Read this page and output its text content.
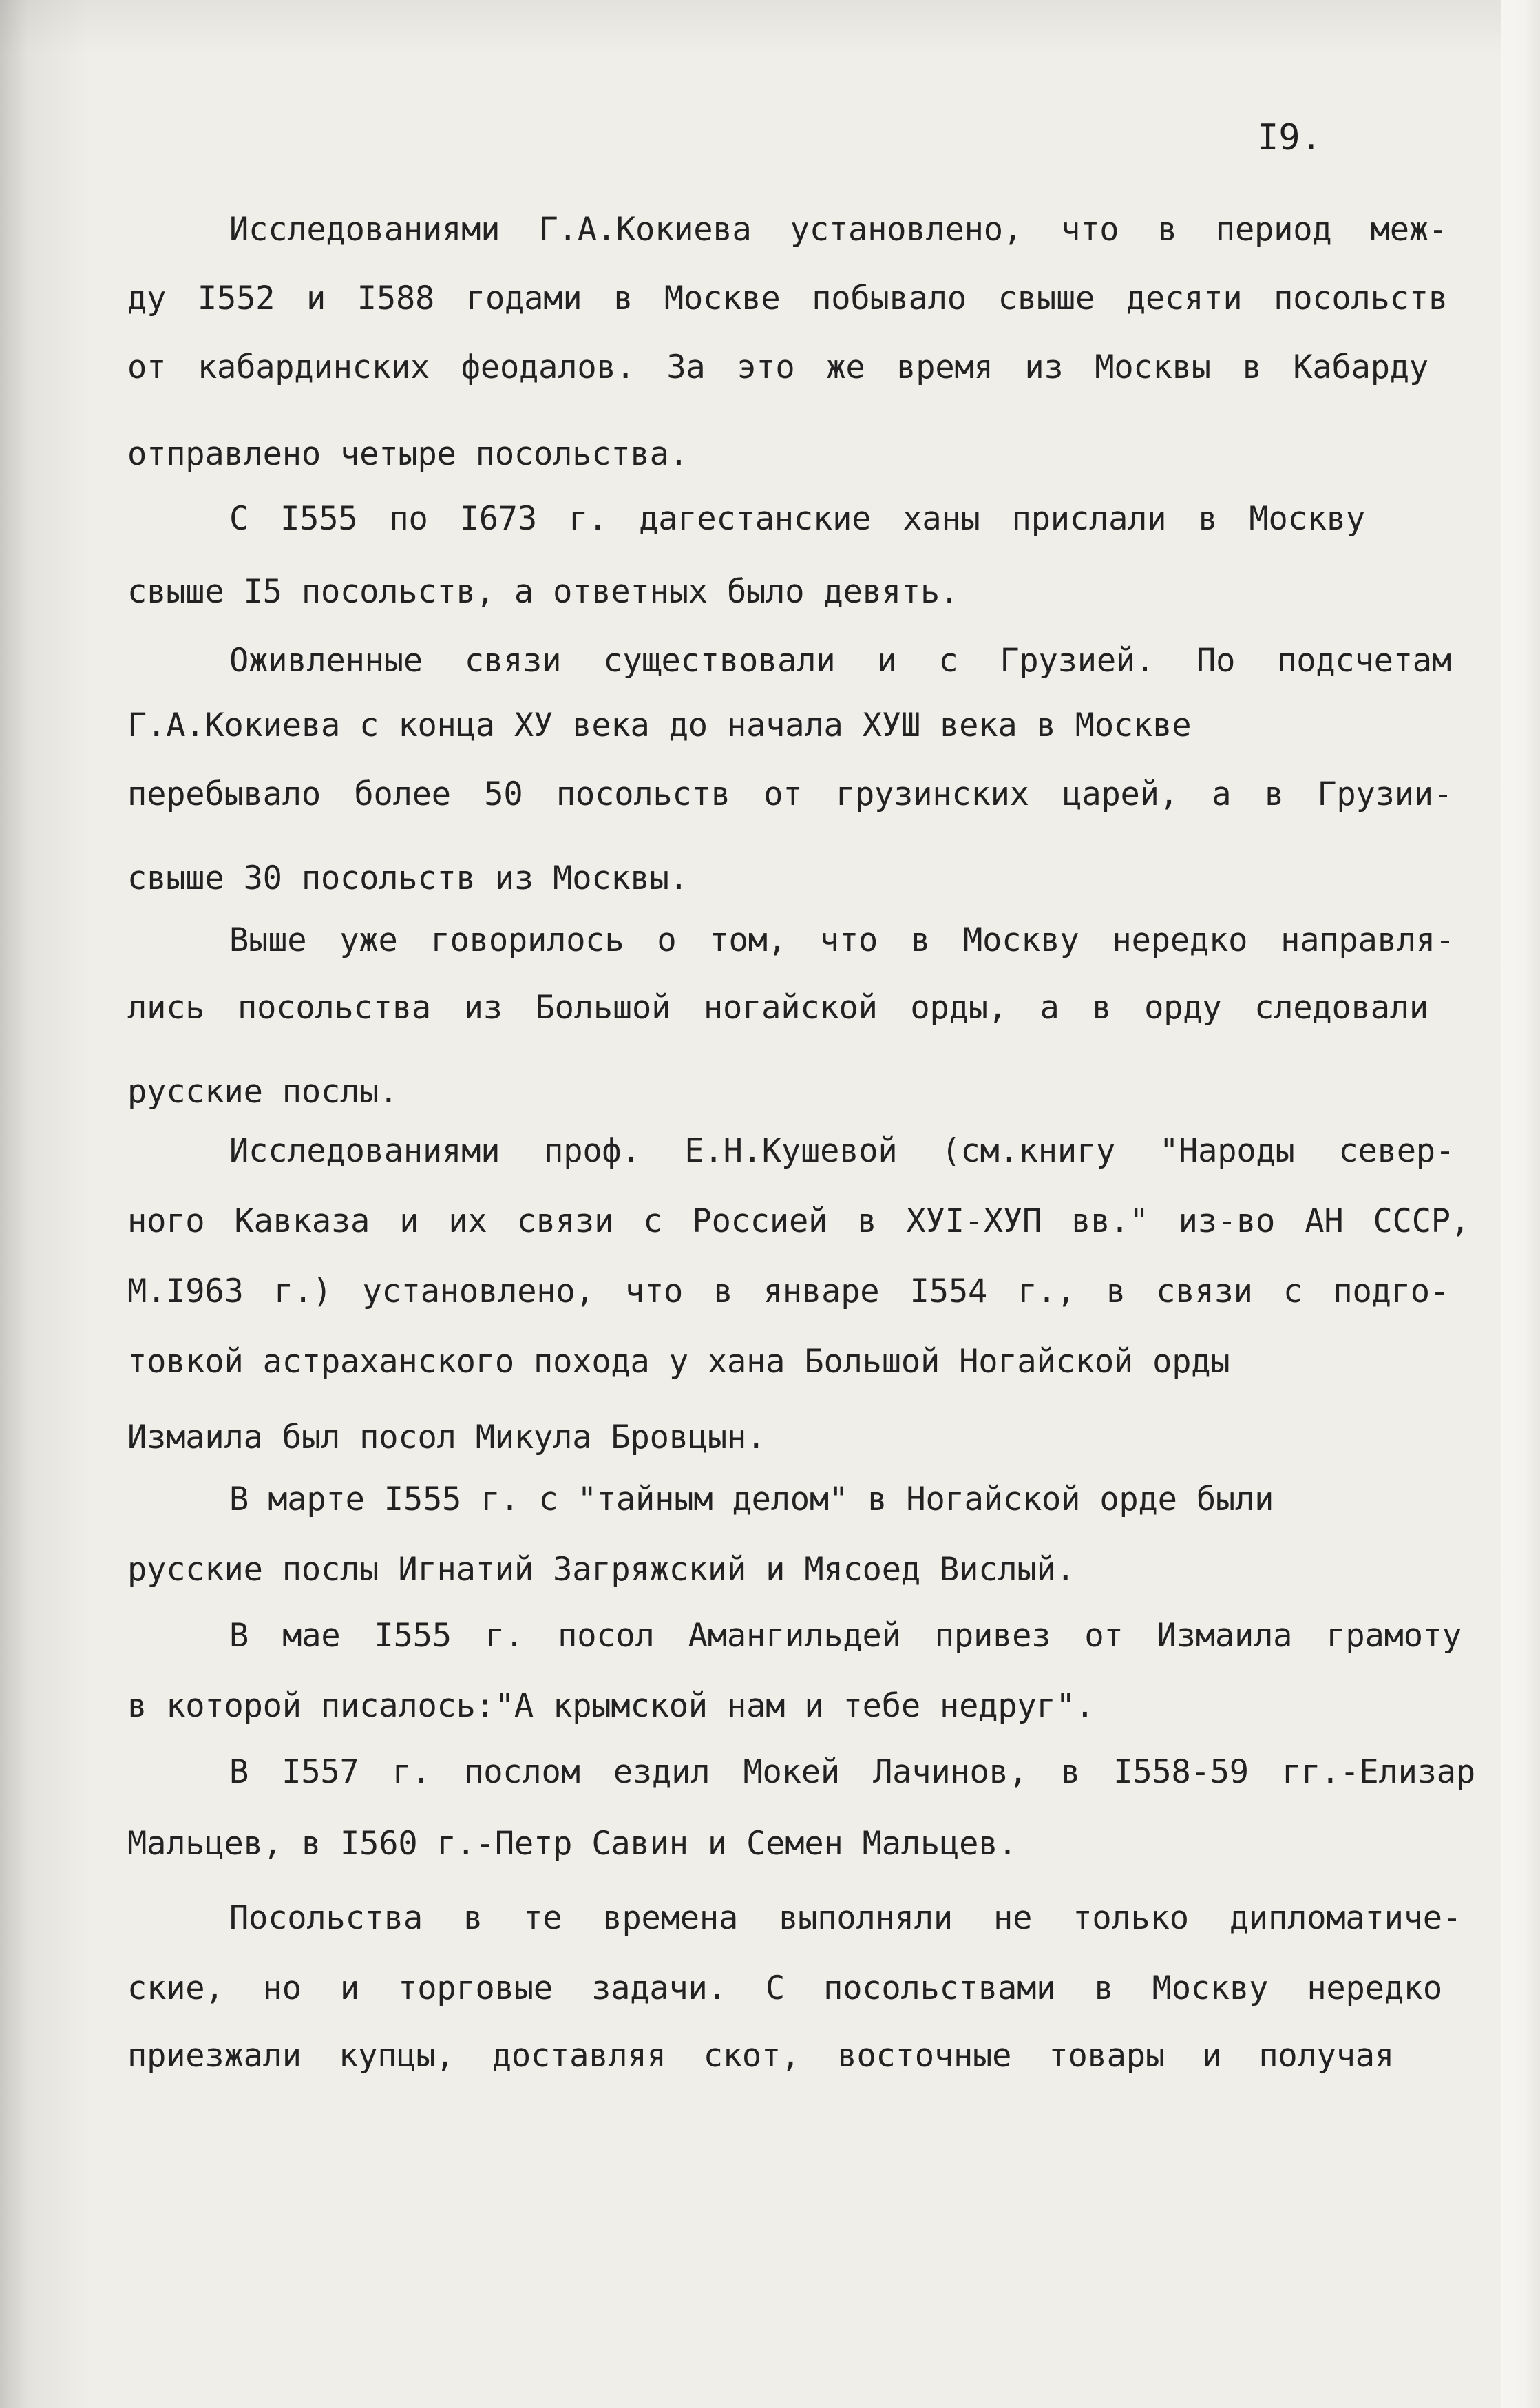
I9.
Исследованиями Г.А.Кокиева установлено, что в период меж-
ду I552 и I588 годами в Москве побывало свыше десяти посольств
от кабардинских феодалов. За это же время из Москвы в Кабарду
отправлено четыре посольства.
С I555 по I673 г. дагестанские ханы прислали в Москву
свыше I5 посольств, а ответных было девять.
Оживленные связи существовали и с Грузией. По подсчетам
Г.А.Кокиева с конца ХУ века до начала ХУШ века в Москве
перебывало более 50 посольств от грузинских царей, а в Грузии-
свыше 30 посольств из Москвы.
Выше уже говорилось о том, что в Москву нередко направля-
лись посольства из Большой ногайской орды, а в орду следовали
русские послы.
Исследованиями проф. Е.Н.Кушевой (см.книгу "Народы север-
ного Кавказа и их связи с Россией в ХУI-ХУП вв." из-во АН СССР,
М.I963 г.) установлено, что в январе I554 г., в связи с подго-
товкой астраханского похода у хана Большой Ногайской орды
Измаила был посол Микула Бровцын.
В марте I555 г. с "тайным делом" в Ногайской орде были
русские послы Игнатий Загряжский и Мясоед Вислый.
В мае I555 г. посол Амангильдей привез от Измаила грамоту
в которой писалось:"А крымской нам и тебе недруг".
В I557 г. послом ездил Мокей Лачинов, в I558-59 гг.-Елизар
Мальцев, в I560 г.-Петр Савин и Семен Мальцев.
Посольства в те времена выполняли не только дипломатиче-
ские, но и торговые задачи. С посольствами в Москву нередко
приезжали купцы, доставляя скот, восточные товары и получая
